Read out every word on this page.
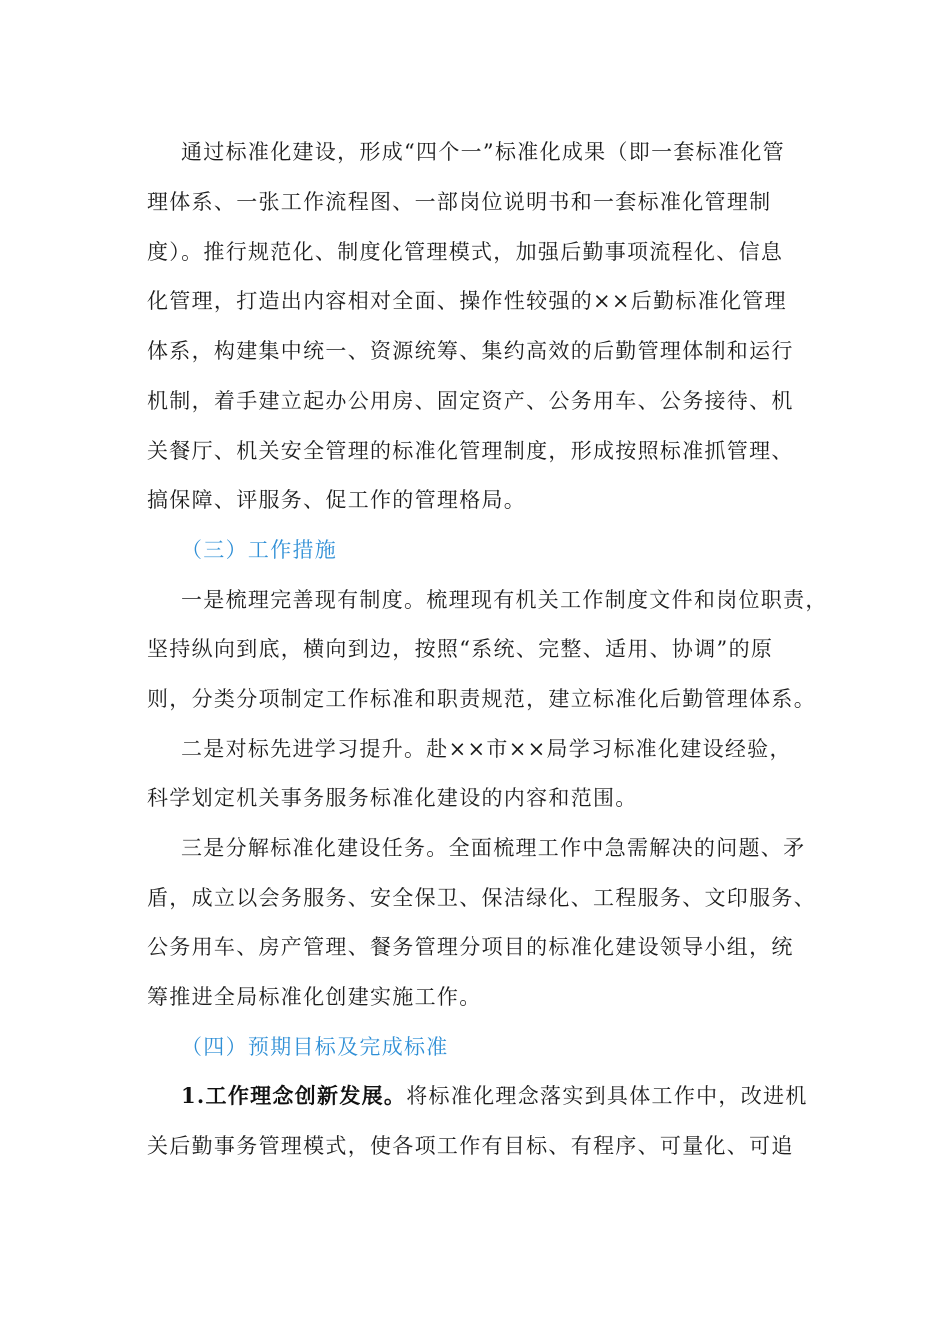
通过标准化建设，形成“四个一”标准化成果（即一套标准化管

理体系、一张工作流程图、一部岗位说明书和一套标准化管理制

度）。推行规范化、制度化管理模式，加强后勤事项流程化、信息

化管理，打造出内容相对全面、操作性较强的××后勤标准化管理

体系，构建集中统一、资源统筹、集约高效的后勤管理体制和运行

机制，着手建立起办公用房、固定资产、公务用车、公务接待、机

关餐厅、机关安全管理的标准化管理制度，形成按照标准抓管理、

搞保障、评服务、促工作的管理格局。

（三）工作措施

一是梳理完善现有制度。梳理现有机关工作制度文件和岗位职责，

坚持纵向到底，横向到边，按照“系统、完整、适用、协调”的原

则，分类分项制定工作标准和职责规范，建立标准化后勤管理体系。

二是对标先进学习提升。赴××市××局学习标准化建设经验，

科学划定机关事务服务标准化建设的内容和范围。

三是分解标准化建设任务。全面梳理工作中急需解决的问题、矛

盾，成立以会务服务、安全保卫、保洁绿化、工程服务、文印服务、

公务用车、房产管理、餐务管理分项目的标准化建设领导小组，统

筹推进全局标准化创建实施工作。

（四）预期目标及完成标准

1.工作理念创新发展。将标准化理念落实到具体工作中，改进机

关后勤事务管理模式，使各项工作有目标、有程序、可量化、可追
